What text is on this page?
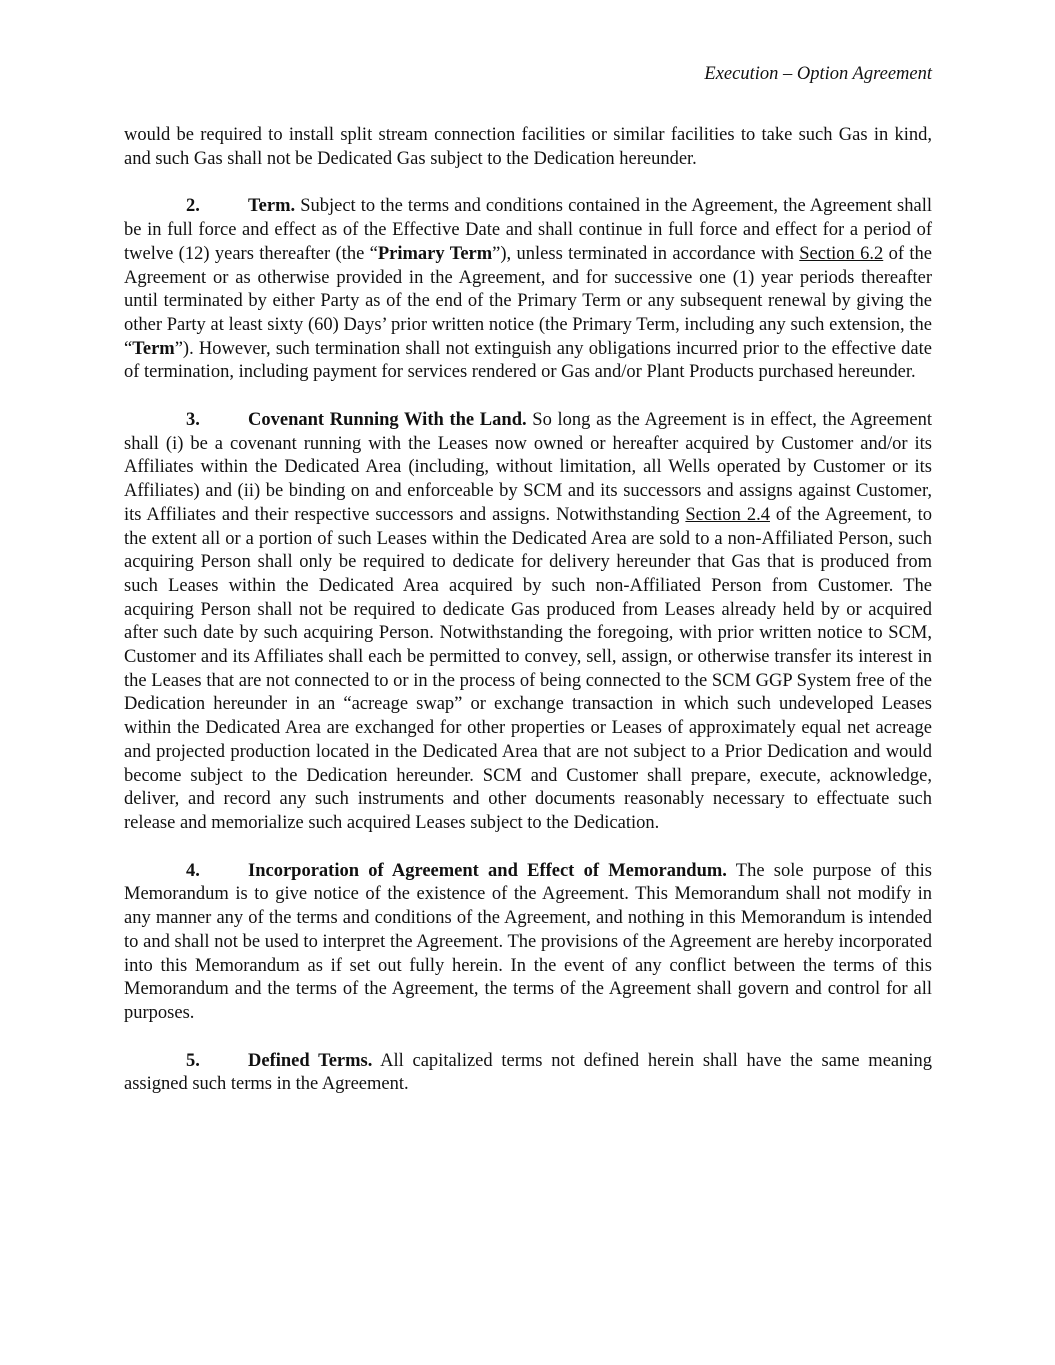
Execution – Option Agreement

would be required to install split stream connection facilities or similar facilities to take such Gas in kind, and such Gas shall not be Dedicated Gas subject to the Dedication hereunder.

2.	Term. Subject to the terms and conditions contained in the Agreement, the Agreement shall be in full force and effect as of the Effective Date and shall continue in full force and effect for a period of twelve (12) years thereafter (the “Primary Term”), unless terminated in accordance with Section 6.2 of the Agreement or as otherwise provided in the Agreement, and for successive one (1) year periods thereafter until terminated by either Party as of the end of the Primary Term or any subsequent renewal by giving the other Party at least sixty (60) Days’ prior written notice (the Primary Term, including any such extension, the “Term”). However, such termination shall not extinguish any obligations incurred prior to the effective date of termination, including payment for services rendered or Gas and/or Plant Products purchased hereunder.

3.	Covenant Running With the Land. So long as the Agreement is in effect, the Agreement shall (i) be a covenant running with the Leases now owned or hereafter acquired by Customer and/or its Affiliates within the Dedicated Area (including, without limitation, all Wells operated by Customer or its Affiliates) and (ii) be binding on and enforceable by SCM and its successors and assigns against Customer, its Affiliates and their respective successors and assigns. Notwithstanding Section 2.4 of the Agreement, to the extent all or a portion of such Leases within the Dedicated Area are sold to a non-Affiliated Person, such acquiring Person shall only be required to dedicate for delivery hereunder that Gas that is produced from such Leases within the Dedicated Area acquired by such non-Affiliated Person from Customer. The acquiring Person shall not be required to dedicate Gas produced from Leases already held by or acquired after such date by such acquiring Person. Notwithstanding the foregoing, with prior written notice to SCM, Customer and its Affiliates shall each be permitted to convey, sell, assign, or otherwise transfer its interest in the Leases that are not connected to or in the process of being connected to the SCM GGP System free of the Dedication hereunder in an “acreage swap” or exchange transaction in which such undeveloped Leases within the Dedicated Area are exchanged for other properties or Leases of approximately equal net acreage and projected production located in the Dedicated Area that are not subject to a Prior Dedication and would become subject to the Dedication hereunder. SCM and Customer shall prepare, execute, acknowledge, deliver, and record any such instruments and other documents reasonably necessary to effectuate such release and memorialize such acquired Leases subject to the Dedication.

4.	Incorporation of Agreement and Effect of Memorandum. The sole purpose of this Memorandum is to give notice of the existence of the Agreement. This Memorandum shall not modify in any manner any of the terms and conditions of the Agreement, and nothing in this Memorandum is intended to and shall not be used to interpret the Agreement. The provisions of the Agreement are hereby incorporated into this Memorandum as if set out fully herein. In the event of any conflict between the terms of this Memorandum and the terms of the Agreement, the terms of the Agreement shall govern and control for all purposes.

5.	Defined Terms. All capitalized terms not defined herein shall have the same meaning assigned such terms in the Agreement.
